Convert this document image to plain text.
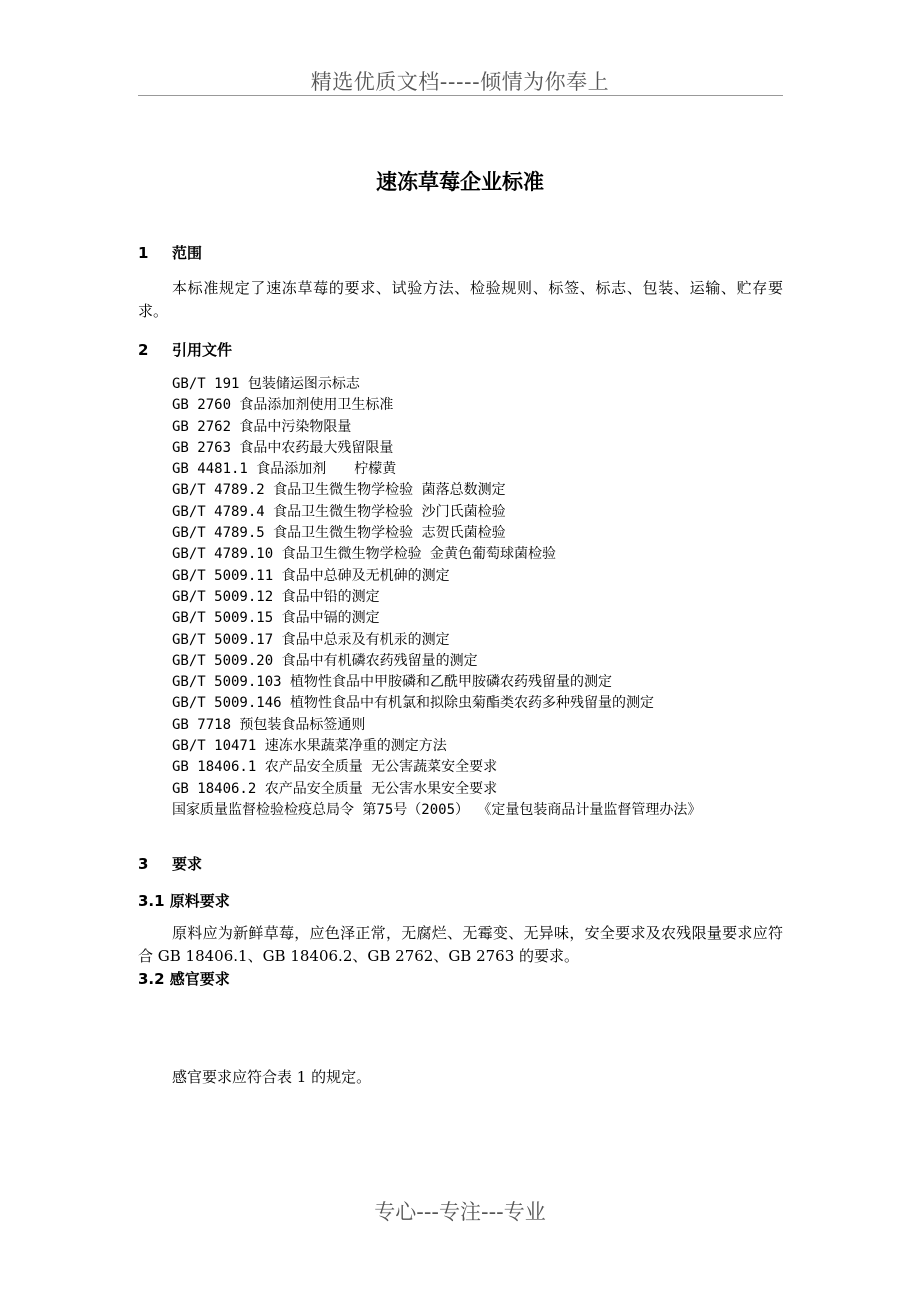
精选优质文档-----倾情为你奉上
速冻草莓企业标准
1 范围
本标准规定了速冻草莓的要求、试验方法、检验规则、标签、标志、包装、运输、贮存要求。
2 引用文件
GB/T 191 包装储运图示标志
GB 2760 食品添加剂使用卫生标准
GB 2762 食品中污染物限量
GB 2763 食品中农药最大残留限量
GB 4481.1 食品添加剂　　柠檬黄
GB/T 4789.2 食品卫生微生物学检验 菌落总数测定
GB/T 4789.4 食品卫生微生物学检验 沙门氏菌检验
GB/T 4789.5 食品卫生微生物学检验 志贺氏菌检验
GB/T 4789.10 食品卫生微生物学检验 金黄色葡萄球菌检验
GB/T 5009.11 食品中总砷及无机砷的测定
GB/T 5009.12 食品中铅的测定
GB/T 5009.15 食品中镉的测定
GB/T 5009.17 食品中总汞及有机汞的测定
GB/T 5009.20 食品中有机磷农药残留量的测定
GB/T 5009.103 植物性食品中甲胺磷和乙酰甲胺磷农药残留量的测定
GB/T 5009.146 植物性食品中有机氯和拟除虫菊酯类农药多种残留量的测定
GB 7718 预包装食品标签通则
GB/T 10471 速冻水果蔬菜净重的测定方法
GB 18406.1 农产品安全质量 无公害蔬菜安全要求
GB 18406.2 农产品安全质量 无公害水果安全要求
国家质量监督检验检疫总局令 第75号（2005） 《定量包装商品计量监督管理办法》
3 要求
3.1 原料要求
原料应为新鲜草莓，应色泽正常，无腐烂、无霉变、无异味，安全要求及农残限量要求应符合 GB 18406.1、GB 18406.2、GB 2762、GB 2763 的要求。
3.2 感官要求
感官要求应符合表 1 的规定。
专心---专注---专业
